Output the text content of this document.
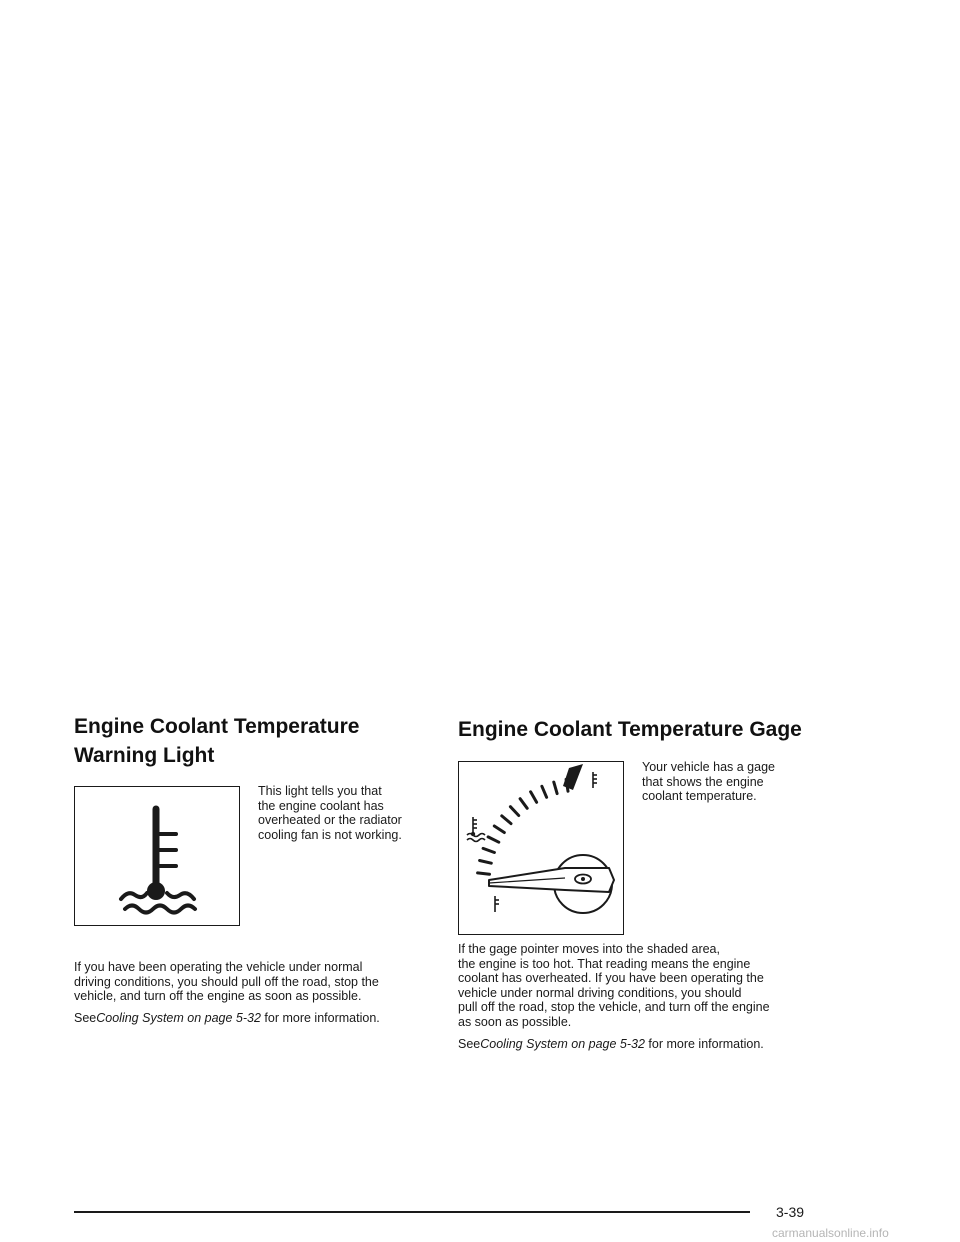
Engine Coolant Temperature
Warning Light
This light tells you that
the engine coolant has
overheated or the radiator
cooling fan is not working.

If you have been operating the vehicle under normal
driving conditions, you should pull off the road, stop the
vehicle, and turn off the engine as soon as possible.

SeeCooling System on page 5-32 for more information.

Engine Coolant Temperature Gage
Your vehicle has a gage
that shows the engine
coolant temperature.

If the gage pointer moves into the shaded area,
the engine is too hot. That reading means the engine
coolant has overheated. If you have been operating the
vehicle under normal driving conditions, you should
pull off the road, stop the vehicle, and turn off the engine
as soon as possible.

SeeCooling System on page 5-32 for more information.

3-39
carmanualsonline.info
